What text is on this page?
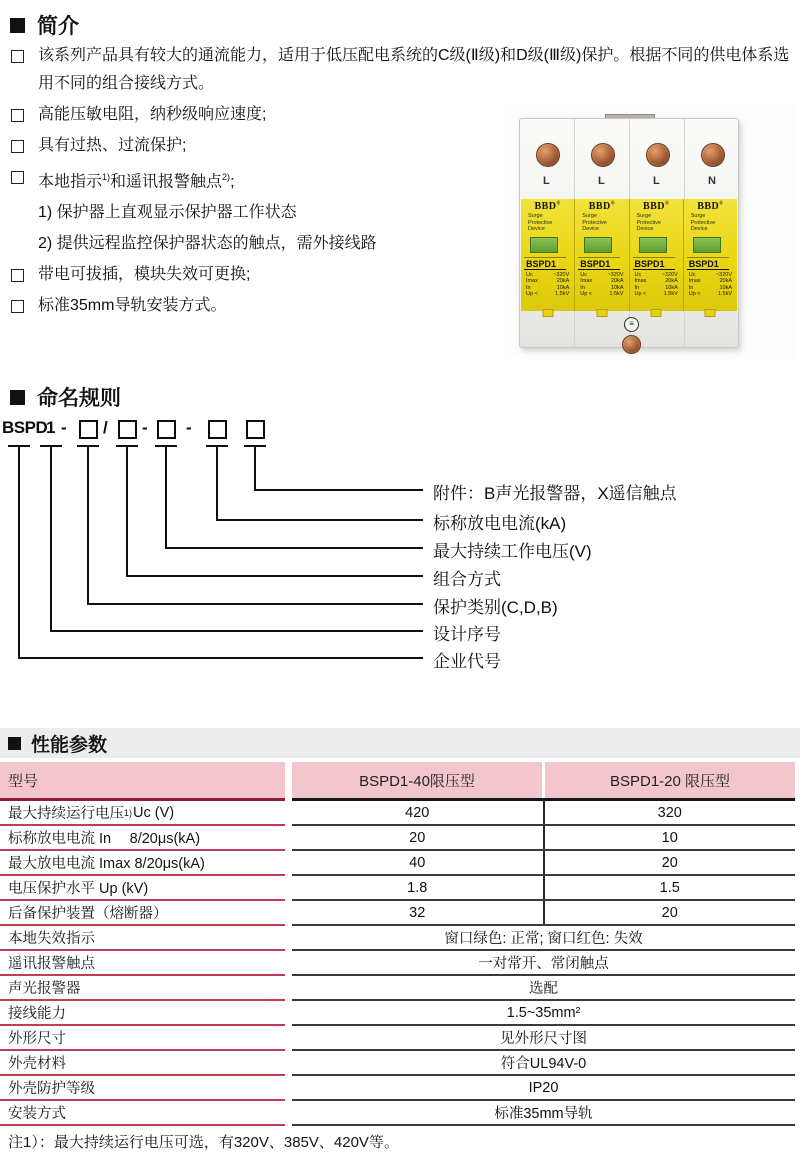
简介
该系列产品具有较大的通流能力，适用于低压配电系统的C级(Ⅱ级)和D级(Ⅲ级)保护。根据不同的供电体系选用不同的组合接线方式。
高能压敏电阻，纳秒级响应速度;
具有过热、过流保护;
本地指示$^{1)}$和遥讯报警触点$^{2)}$;
1) 保护器上直观显示保护器工作状态
2) 提供远程监控保护器状态的触点，需外接线路
带电可拔插，模块失效可更换;
标准35mm导轨安装方式。
L	L	L	N
BBD®
Surge
Protective
Device
BSPD1
Uc	~320V
Imax	20kA
In	10kA
Up <	1.5kV
BBD®
Surge
Protective
Device
BSPD1
Uc	~320V
Imax	20kA
In	10kA
Up <	1.5kV
BBD®
Surge
Protective
Device
BSPD1
Uc	~320V
Imax	20kA
In	10kA
Up <	1.5kV
BBD®
Surge
Protective
Device
BSPD1
Uc	~320V
Imax	20kA
In	10kA
Up <	1.5kV
≡
命名规则
BSPD
1 - / - -
附件：B声光报警器，X遥信触点
标称放电电流(kA)
最大持续工作电压(V)
组合方式
保护类别(C,D,B)
设计序号
企业代号
性能参数
型号	BSPD1-40限压型	BSPD1-20 限压型
最大持续运行电压 1) Uc (V)	420	320
标称放电电流 In　 8/20μs(kA)	20	10
最大放电电流 Imax 8/20μs(kA)	40	20
电压保护水平 Up (kV)	1.8	1.5
后备保护装置（熔断器）	32	20
本地失效指示	窗口绿色: 正常; 窗口红色: 失效
遥讯报警触点	一对常开、常闭触点
声光报警器	选配
接线能力	1.5~35mm²
外形尺寸	见外形尺寸图
外壳材料	符合UL94V-0
外壳防护等级	IP20
安装方式	标准35mm导轨
注1）：最大持续运行电压可选，有320V、385V、420V等。
